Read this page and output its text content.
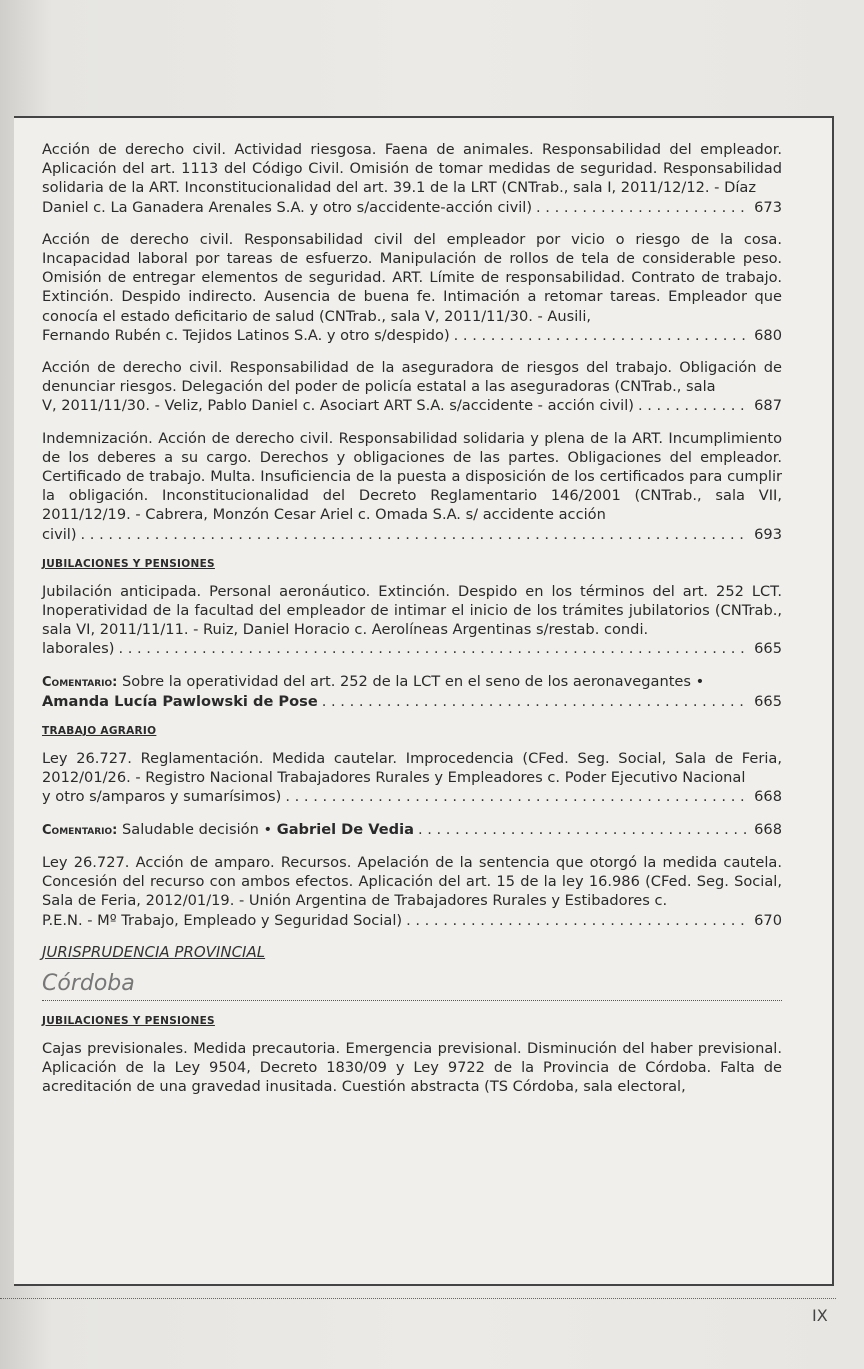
Acción de derecho civil. Actividad riesgosa. Faena de animales. Responsabilidad del empleador. Aplicación del art. 1113 del Código Civil. Omisión de tomar medidas de seguridad. Responsabilidad solidaria de la ART. Inconstitucionalidad del art. 39.1 de la LRT (CNTrab., sala I, 2011/12/12. - Díaz
Daniel c. La Ganadera Arenales S.A. y otro s/accidente-acción civil) . . .	673
Acción de derecho civil. Responsabilidad civil del empleador por vicio o riesgo de la cosa. Incapacidad laboral por tareas de esfuerzo. Manipulación de rollos de tela de considerable peso. Omisión de entregar elementos de seguridad. ART. Límite de responsabilidad. Contrato de trabajo. Extinción. Despido indirecto. Ausencia de buena fe. Intimación a retomar tareas. Empleador que conocía el estado deficitario de salud (CNTrab., sala V, 2011/11/30. - Ausili,
Fernando Rubén c. Tejidos Latinos S.A. y otro s/despido) . . .	680
Acción de derecho civil. Responsabilidad de la aseguradora de riesgos del trabajo. Obligación de denunciar riesgos. Delegación del poder de policía estatal a las aseguradoras (CNTrab., sala
V, 2011/11/30. - Veliz, Pablo Daniel c. Asociart ART S.A. s/accidente - acción civil) . . .	687
Indemnización. Acción de derecho civil. Responsabilidad solidaria y plena de la ART. Incumplimiento de los deberes a su cargo. Derechos y obligaciones de las partes. Obligaciones del empleador. Certificado de trabajo. Multa. Insuficiencia de la puesta a disposición de los certificados para cumplir la obligación. Inconstitucionalidad del Decreto Reglamentario 146/2001 (CNTrab., sala VII, 2011/12/19. - Cabrera, Monzón Cesar Ariel c. Omada S.A. s/ accidente acción
civil) . . .	693
JUBILACIONES Y PENSIONES
Jubilación anticipada. Personal aeronáutico. Extinción. Despido en los términos del art. 252 LCT. Inoperatividad de la facultad del empleador de intimar el inicio de los trámites jubilatorios (CNTrab., sala VI, 2011/11/11. - Ruiz, Daniel Horacio c. Aerolíneas Argentinas s/restab. condi.
laborales) . . .	665
Comentario: Sobre la operatividad del art. 252 de la LCT en el seno de los aeronavegantes •
Amanda Lucía Pawlowski de Pose . . .	665
TRABAJO AGRARIO
Ley 26.727. Reglamentación. Medida cautelar. Improcedencia (CFed. Seg. Social, Sala de Feria, 2012/01/26. - Registro Nacional Trabajadores Rurales y Empleadores c. Poder Ejecutivo Nacional
y otro s/amparos y sumarísimos) . . .	668
Comentario: Saludable decisión • Gabriel De Vedia . . .	668
Ley 26.727. Acción de amparo. Recursos. Apelación de la sentencia que otorgó la medida cautela. Concesión del recurso con ambos efectos. Aplicación del art. 15 de la ley 16.986 (CFed. Seg. Social, Sala de Feria, 2012/01/19. - Unión Argentina de Trabajadores Rurales y Estibadores c.
P.E.N. - Mº Trabajo, Empleado y Seguridad Social) . . .	670
JURISPRUDENCIA PROVINCIAL
Córdoba
JUBILACIONES Y PENSIONES
Cajas previsionales. Medida precautoria. Emergencia previsional. Disminución del haber previsional. Aplicación de la Ley 9504, Decreto 1830/09 y Ley 9722 de la Provincia de Córdoba. Falta de acreditación de una gravedad inusitada. Cuestión abstracta (TS Córdoba, sala electoral,
IX
